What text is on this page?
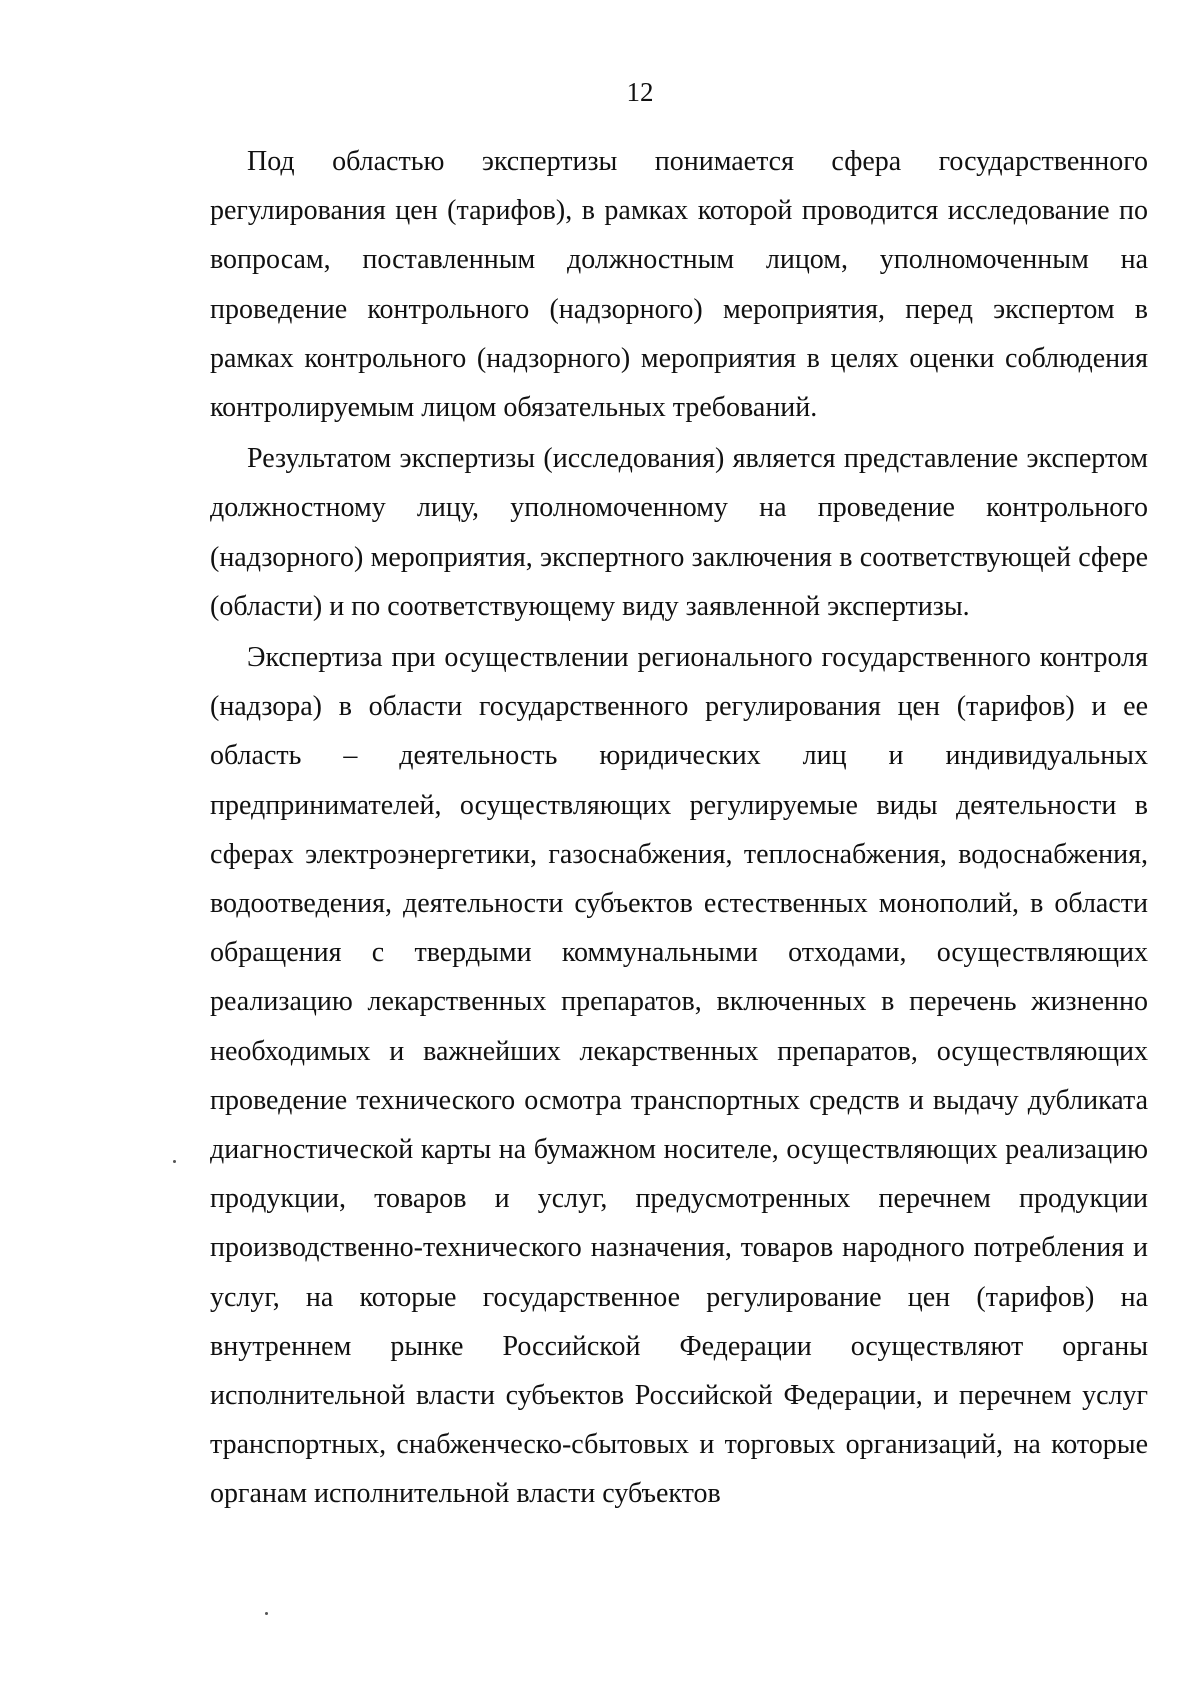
12

Под областью экспертизы понимается сфера государственного регулирования цен (тарифов), в рамках которой проводится исследование по вопросам, поставленным должностным лицом, уполномоченным на проведение контрольного (надзорного) мероприятия, перед экспертом в рамках контрольного (надзорного) мероприятия в целях оценки соблюдения контролируемым лицом обязательных требований.

Результатом экспертизы (исследования) является представление экспертом должностному лицу, уполномоченному на проведение контрольного (надзорного) мероприятия, экспертного заключения в соответствующей сфере (области) и по соответствующему виду заявленной экспертизы.

Экспертиза при осуществлении регионального государственного контроля (надзора) в области государственного регулирования цен (тарифов) и ее область – деятельность юридических лиц и индивидуальных предпринимателей, осуществляющих регулируемые виды деятельности в сферах электроэнергетики, газоснабжения, теплоснабжения, водоснабжения, водоотведения, деятельности субъектов естественных монополий, в области обращения с твердыми коммунальными отходами, осуществляющих реализацию лекарственных препаратов, включенных в перечень жизненно необходимых и важнейших лекарственных препаратов, осуществляющих проведение технического осмотра транспортных средств и выдачу дубликата диагностической карты на бумажном носителе, осуществляющих реализацию продукции, товаров и услуг, предусмотренных перечнем продукции производственно-технического назначения, товаров народного потребления и услуг, на которые государственное регулирование цен (тарифов) на внутреннем рынке Российской Федерации осуществляют органы исполнительной власти субъектов Российской Федерации, и перечнем услуг транспортных, снабженческо-сбытовых и торговых организаций, на которые органам исполнительной власти субъектов
